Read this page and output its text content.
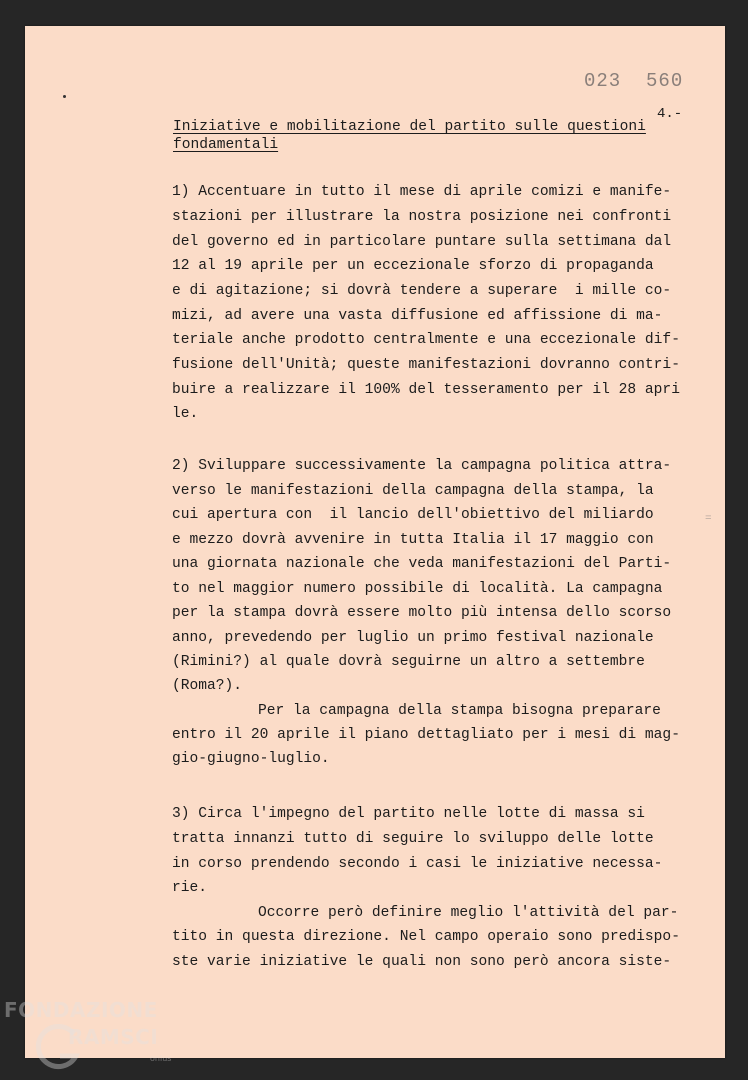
023  560
4.-
=
Iniziative e mobilitazione del partito sulle questioni
fondamentali
1) Accentuare in tutto il mese di aprile comizi e manife-
stazioni per illustrare la nostra posizione nei confronti
del governo ed in particolare puntare sulla settimana dal
12 al 19 aprile per un eccezionale sforzo di propaganda
e di agitazione; si dovrà tendere a superare  i mille co-
mizi, ad avere una vasta diffusione ed affissione di ma-
teriale anche prodotto centralmente e una eccezionale dif-
fusione dell'Unità; queste manifestazioni dovranno contri-
buire a realizzare il 100% del tesseramento per il 28 apri
le.
2) Sviluppare successivamente la campagna politica attra-
verso le manifestazioni della campagna della stampa, la
cui apertura con  il lancio dell'obiettivo del miliardo
e mezzo dovrà avvenire in tutta Italia il 17 maggio con
una giornata nazionale che veda manifestazioni del Parti-
to nel maggior numero possibile di località. La campagna
per la stampa dovrà essere molto più intensa dello scorso
anno, prevedendo per luglio un primo festival nazionale
(Rimini?) al quale dovrà seguirne un altro a settembre
(Roma?).
Per la campagna della stampa bisogna preparare
entro il 20 aprile il piano dettagliato per i mesi di mag-
gio-giugno-luglio.
3) Circa l'impegno del partito nelle lotte di massa si
tratta innanzi tutto di seguire lo sviluppo delle lotte
in corso prendendo secondo i casi le iniziative necessa-
rie.
Occorre però definire meglio l'attività del par-
tito in questa direzione. Nel campo operaio sono predispo-
ste varie iniziative le quali non sono però ancora siste-
FONDAZIONE
RAMSCI
onlus
